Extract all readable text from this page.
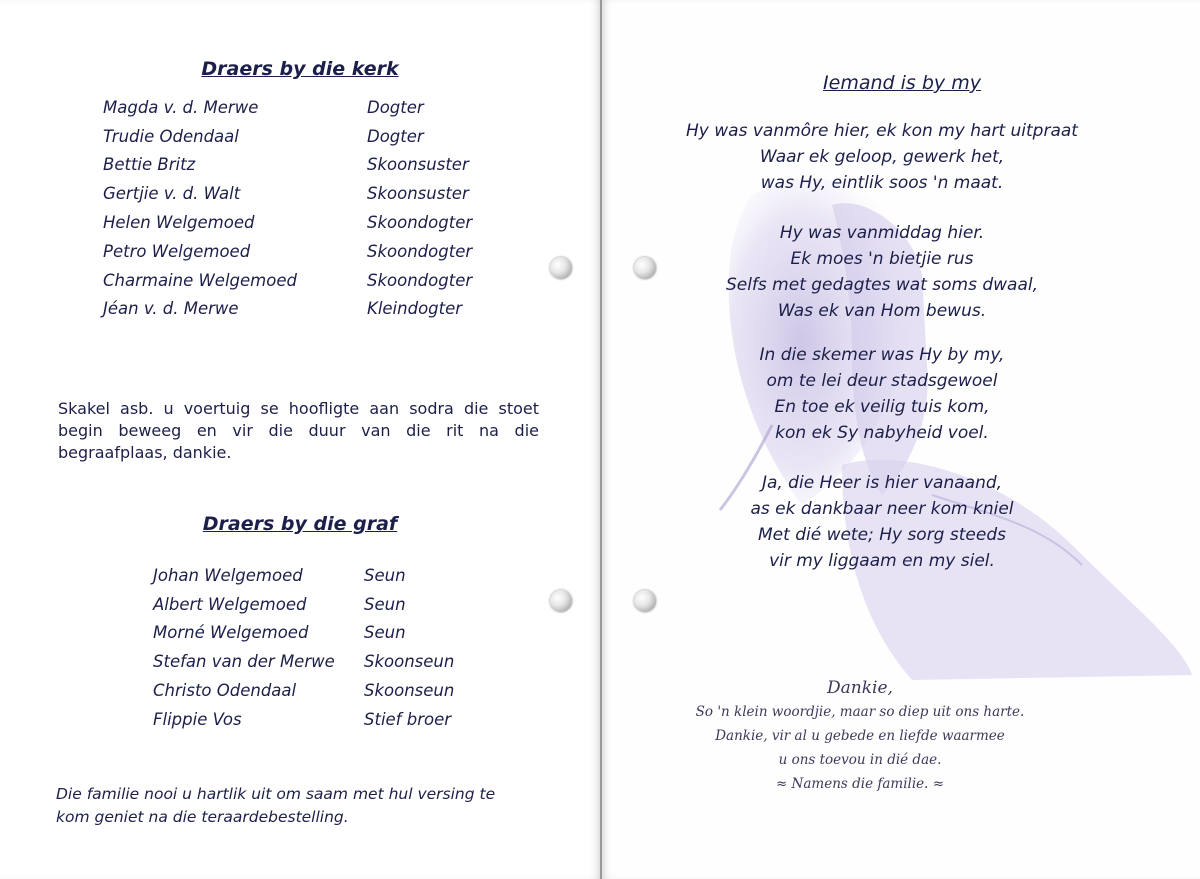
Draers by die kerk
Magda v. d. Merwe	Dogter
Trudie Odendaal	Dogter
Bettie Britz	Skoonsuster
Gertjie v. d. Walt	Skoonsuster
Helen Welgemoed	Skoondogter
Petro Welgemoed	Skoondogter
Charmaine Welgemoed	Skoondogter
Jéan v. d. Merwe	Kleindogter
Skakel asb. u voertuig se hoofligte aan sodra die stoet begin beweeg en vir die duur van die rit na die begraafplaas, dankie.
Draers by die graf
Johan Welgemoed	Seun
Albert Welgemoed	Seun
Morné Welgemoed	Seun
Stefan van der Merwe	Skoonseun
Christo Odendaal	Skoonseun
Flippie Vos	Stief broer
Die familie nooi u hartlik uit om saam met hul versing te kom geniet na die teraardebestelling.
Iemand is by my
Hy was vanmôre hier, ek kon my hart uitpraat
Waar ek geloop, gewerk het,
was Hy, eintlik soos 'n maat.
Hy was vanmiddag hier.
Ek moes 'n bietjie rus
Selfs met gedagtes wat soms dwaal,
Was ek van Hom bewus.
In die skemer was Hy by my,
om te lei deur stadsgewoel
En toe ek veilig tuis kom,
kon ek Sy nabyheid voel.
Ja, die Heer is hier vanaand,
as ek dankbaar neer kom kniel
Met dié wete; Hy sorg steeds
vir my liggaam en my siel.
Dankie,
So 'n klein woordjie, maar so diep uit ons harte.
Dankie, vir al u gebede en liefde waarmee
u ons toevou in dié dae.
≈ Namens die familie. ≈
